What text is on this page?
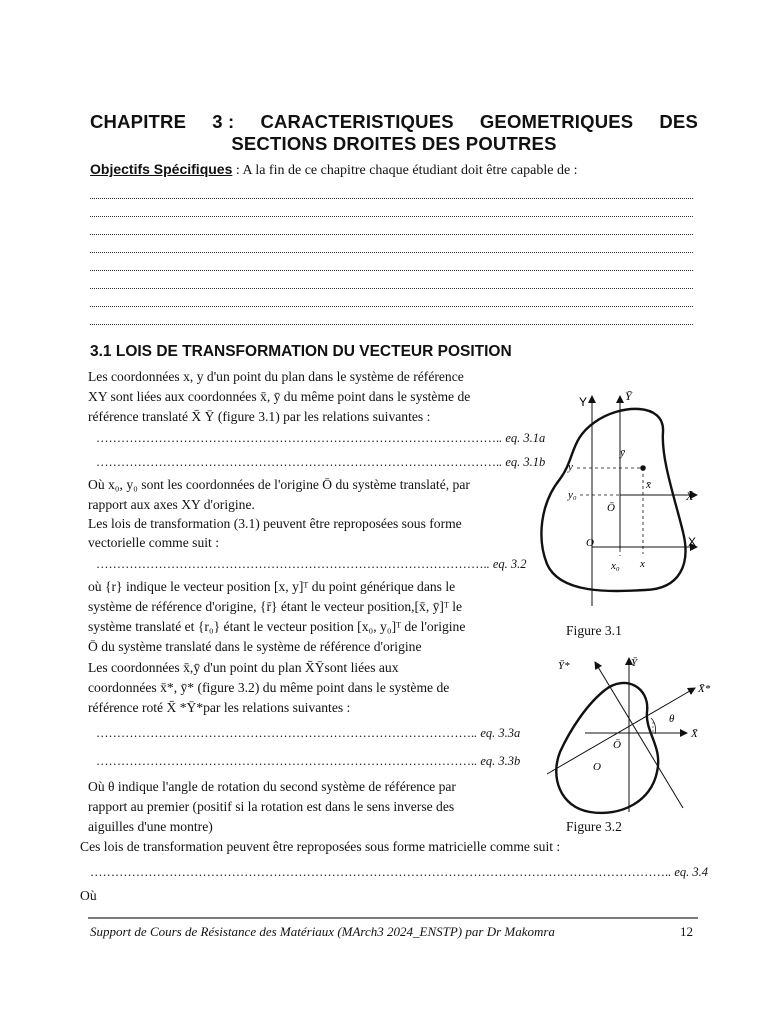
CHAPITRE 3 : CARACTERISTIQUES GEOMETRIQUES DES
SECTIONS DROITES DES POUTRES
Objectifs Spécifiques : A la fin de ce chapitre chaque étudiant doit être capable de :
3.1 LOIS DE TRANSFORMATION DU VECTEUR POSITION
Les coordonnées x, y d'un point du plan dans le système de référence
XY sont liées aux coordonnées x̄, ȳ du même point dans le système de
référence translaté X̄ Ȳ (figure 3.1) par les relations suivantes :
…………………………………………………………………………………….. eq. 3.1a
…………………………………………………………………………………….. eq. 3.1b
Où x₀, y₀ sont les coordonnées de l'origine Ō du système translaté, par
rapport aux axes XY d'origine.
Les lois de transformation (3.1) peuvent être reproposées sous forme
vectorielle comme suit :
………………………………………………………………………………….. eq. 3.2
où {r} indique le vecteur position [x, y]ᵀ du point générique dans le
système de référence d'origine, {r̄} étant le vecteur position,[x̄, ȳ]ᵀ le
système translaté et {r₀} étant le vecteur position [x₀, y₀]ᵀ de l'origine
Ō du système translaté dans le système de référence d'origine
Les coordonnées x̄,ȳ d'un point du plan X̄Ȳsont liées aux
coordonnées x̄*, ȳ* (figure 3.2) du même point dans le système de
référence roté X̄ *Ȳ*par les relations suivantes :
……………………………………………………………………………….. eq. 3.3a
……………………………………………………………………………….. eq. 3.3b
Où θ indique l'angle de rotation du second système de référence par
rapport au premier (positif si la rotation est dans le sens inverse des
aiguilles d'une montre)
Ces lois de transformation peuvent être reproposées sous forme matricielle comme suit :
………………………………………………………………………………………………………………………….. eq. 3.4
Où
Y	Ȳ
X
X̄
ȳ
y
y₀
x̄
Ō
O
x₀ x
Figure 3.1
Ȳ*	Ȳ
X̄*
θ
X̄
Ō
O
Figure 3.2
Support de Cours de Résistance des Matériaux (MArch3 2024_ENSTP) par Dr Makomra	12
